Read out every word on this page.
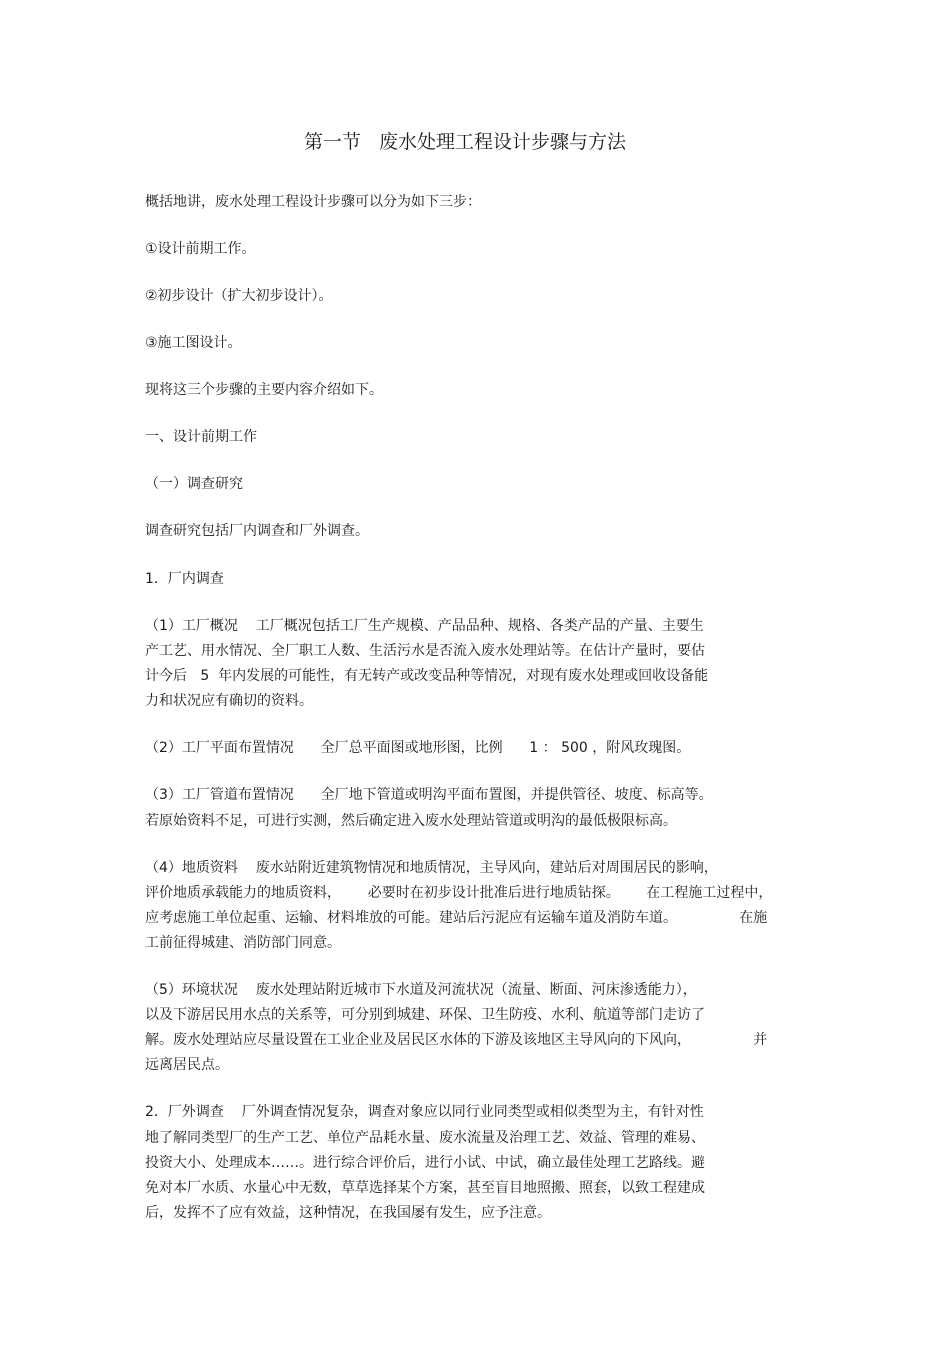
第一节   废水处理工程设计步骤与方法
概括地讲，废水处理工程设计步骤可以分为如下三步：
①设计前期工作。
②初步设计（扩大初步设计）。
③施工图设计。
现将这三个步骤的主要内容介绍如下。
一、设计前期工作
（一）调查研究
调查研究包括厂内调查和厂外调查。
1．厂内调查
（1）工厂概况    工厂概况包括工厂生产规模、产品品种、规格、各类产品的产量、主要生
产工艺、用水情况、全厂职工人数、生活污水是否流入废水处理站等。在估计产量时，要估
计今后   5  年内发展的可能性，有无转产或改变品种等情况，对现有废水处理或回收设备能
力和状况应有确切的资料。
（2）工厂平面布置情况      全厂总平面图或地形图，比例      1 ： 500 ，附风玫瑰图。
（3）工厂管道布置情况      全厂地下管道或明沟平面布置图，并提供管径、坡度、标高等。
若原始资料不足，可进行实测，然后确定进入废水处理站管道或明沟的最低极限标高。
（4）地质资料    废水站附近建筑物情况和地质情况，主导风向，建站后对周围居民的影响，
评价地质承载能力的地质资料，      必要时在初步设计批准后进行地质钻探。      在工程施工过程中，
应考虑施工单位起重、运输、材料堆放的可能。建站后污泥应有运输车道及消防车道。              在施
工前征得城建、消防部门同意。
（5）环境状况    废水处理站附近城市下水道及河流状况（流量、断面、河床渗透能力），
以及下游居民用水点的关系等，可分别到城建、环保、卫生防疫、水利、航道等部门走访了
解。废水处理站应尽量设置在工业企业及居民区水体的下游及该地区主导风向的下风向，              并
远离居民点。
2．厂外调查    厂外调查情况复杂，调查对象应以同行业同类型或相似类型为主，有针对性
地了解同类型厂的生产工艺、单位产品耗水量、废水流量及治理工艺、效益、管理的难易、
投资大小、处理成本……。进行综合评价后，进行小试、中试，确立最佳处理工艺路线。避
免对本厂水质、水量心中无数，草草选择某个方案，甚至盲目地照搬、照套，以致工程建成
后，发挥不了应有效益，这种情况，在我国屡有发生，应予注意。
